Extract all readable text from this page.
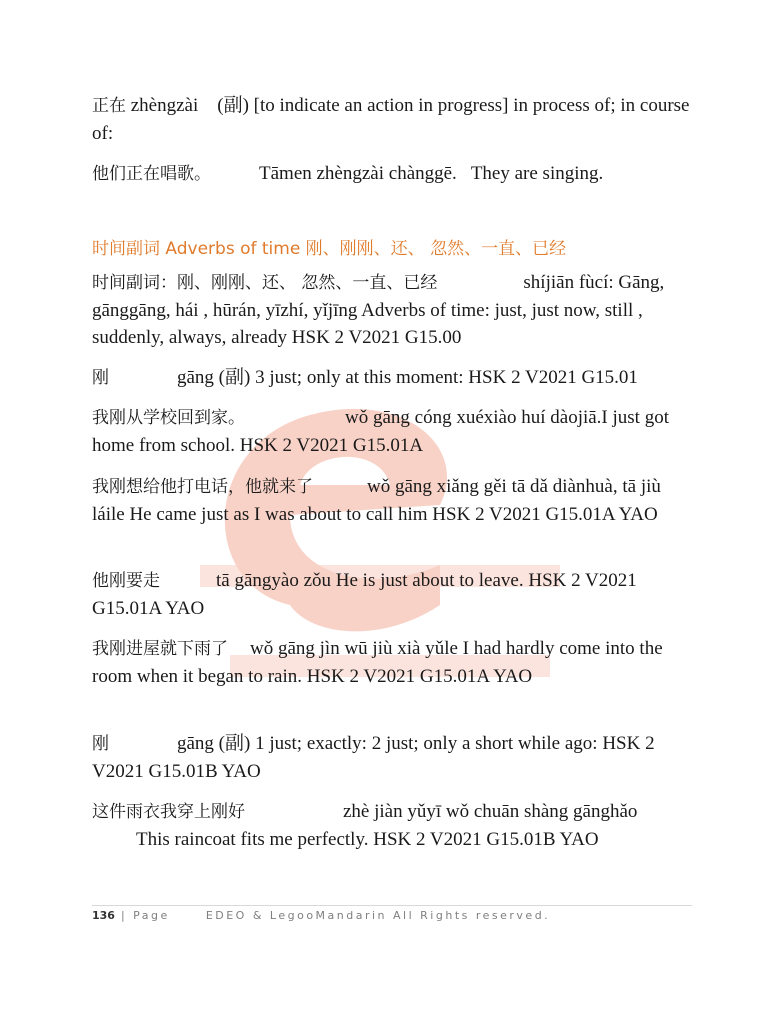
正在 zhèngzài　(副) [to indicate an action in progress] in process of; in course of:

他们正在唱歌。	Tāmen zhèngzài chànggē. They are singing.

时间副词 Adverbs of time 刚、刚刚、还、 忽然、一直、已经

时间副词：刚、刚刚、还、 忽然、一直、已经	shíjiān fùcí: Gāng, gānggāng, hái , hūrán, yīzhí, yǐjīng Adverbs of time: just, just now, still , suddenly, always, already HSK 2 V2021 G15.00

刚	gāng (副) 3 just; only at this moment: HSK 2 V2021 G15.01

我刚从学校回到家。	wǒ gāng cóng xuéxiào huí dàojiā.I just got home from school. HSK 2 V2021 G15.01A

我刚想给他打电话，他就来了	wǒ gāng xiǎng gěi tā dǎ diànhuà, tā jiù láile He came just as I was about to call him HSK 2 V2021 G15.01A YAO

他刚要走	tā gāngyào zǒu He is just about to leave. HSK 2 V2021 G15.01A YAO

我刚进屋就下雨了 wǒ gāng jìn wū jiù xià yǔle I had hardly come into the room when it began to rain. HSK 2 V2021 G15.01A YAO

刚	gāng (副) 1 just; exactly: 2 just; only a short while ago: HSK 2 V2021 G15.01B YAO

这件雨衣我穿上刚好	zhè jiàn yǔyī wǒ chuān shàng gānghǎo
This raincoat fits me perfectly. HSK 2 V2021 G15.01B YAO

136 | Page	EDEO & LegooMandarin All Rights reserved.
